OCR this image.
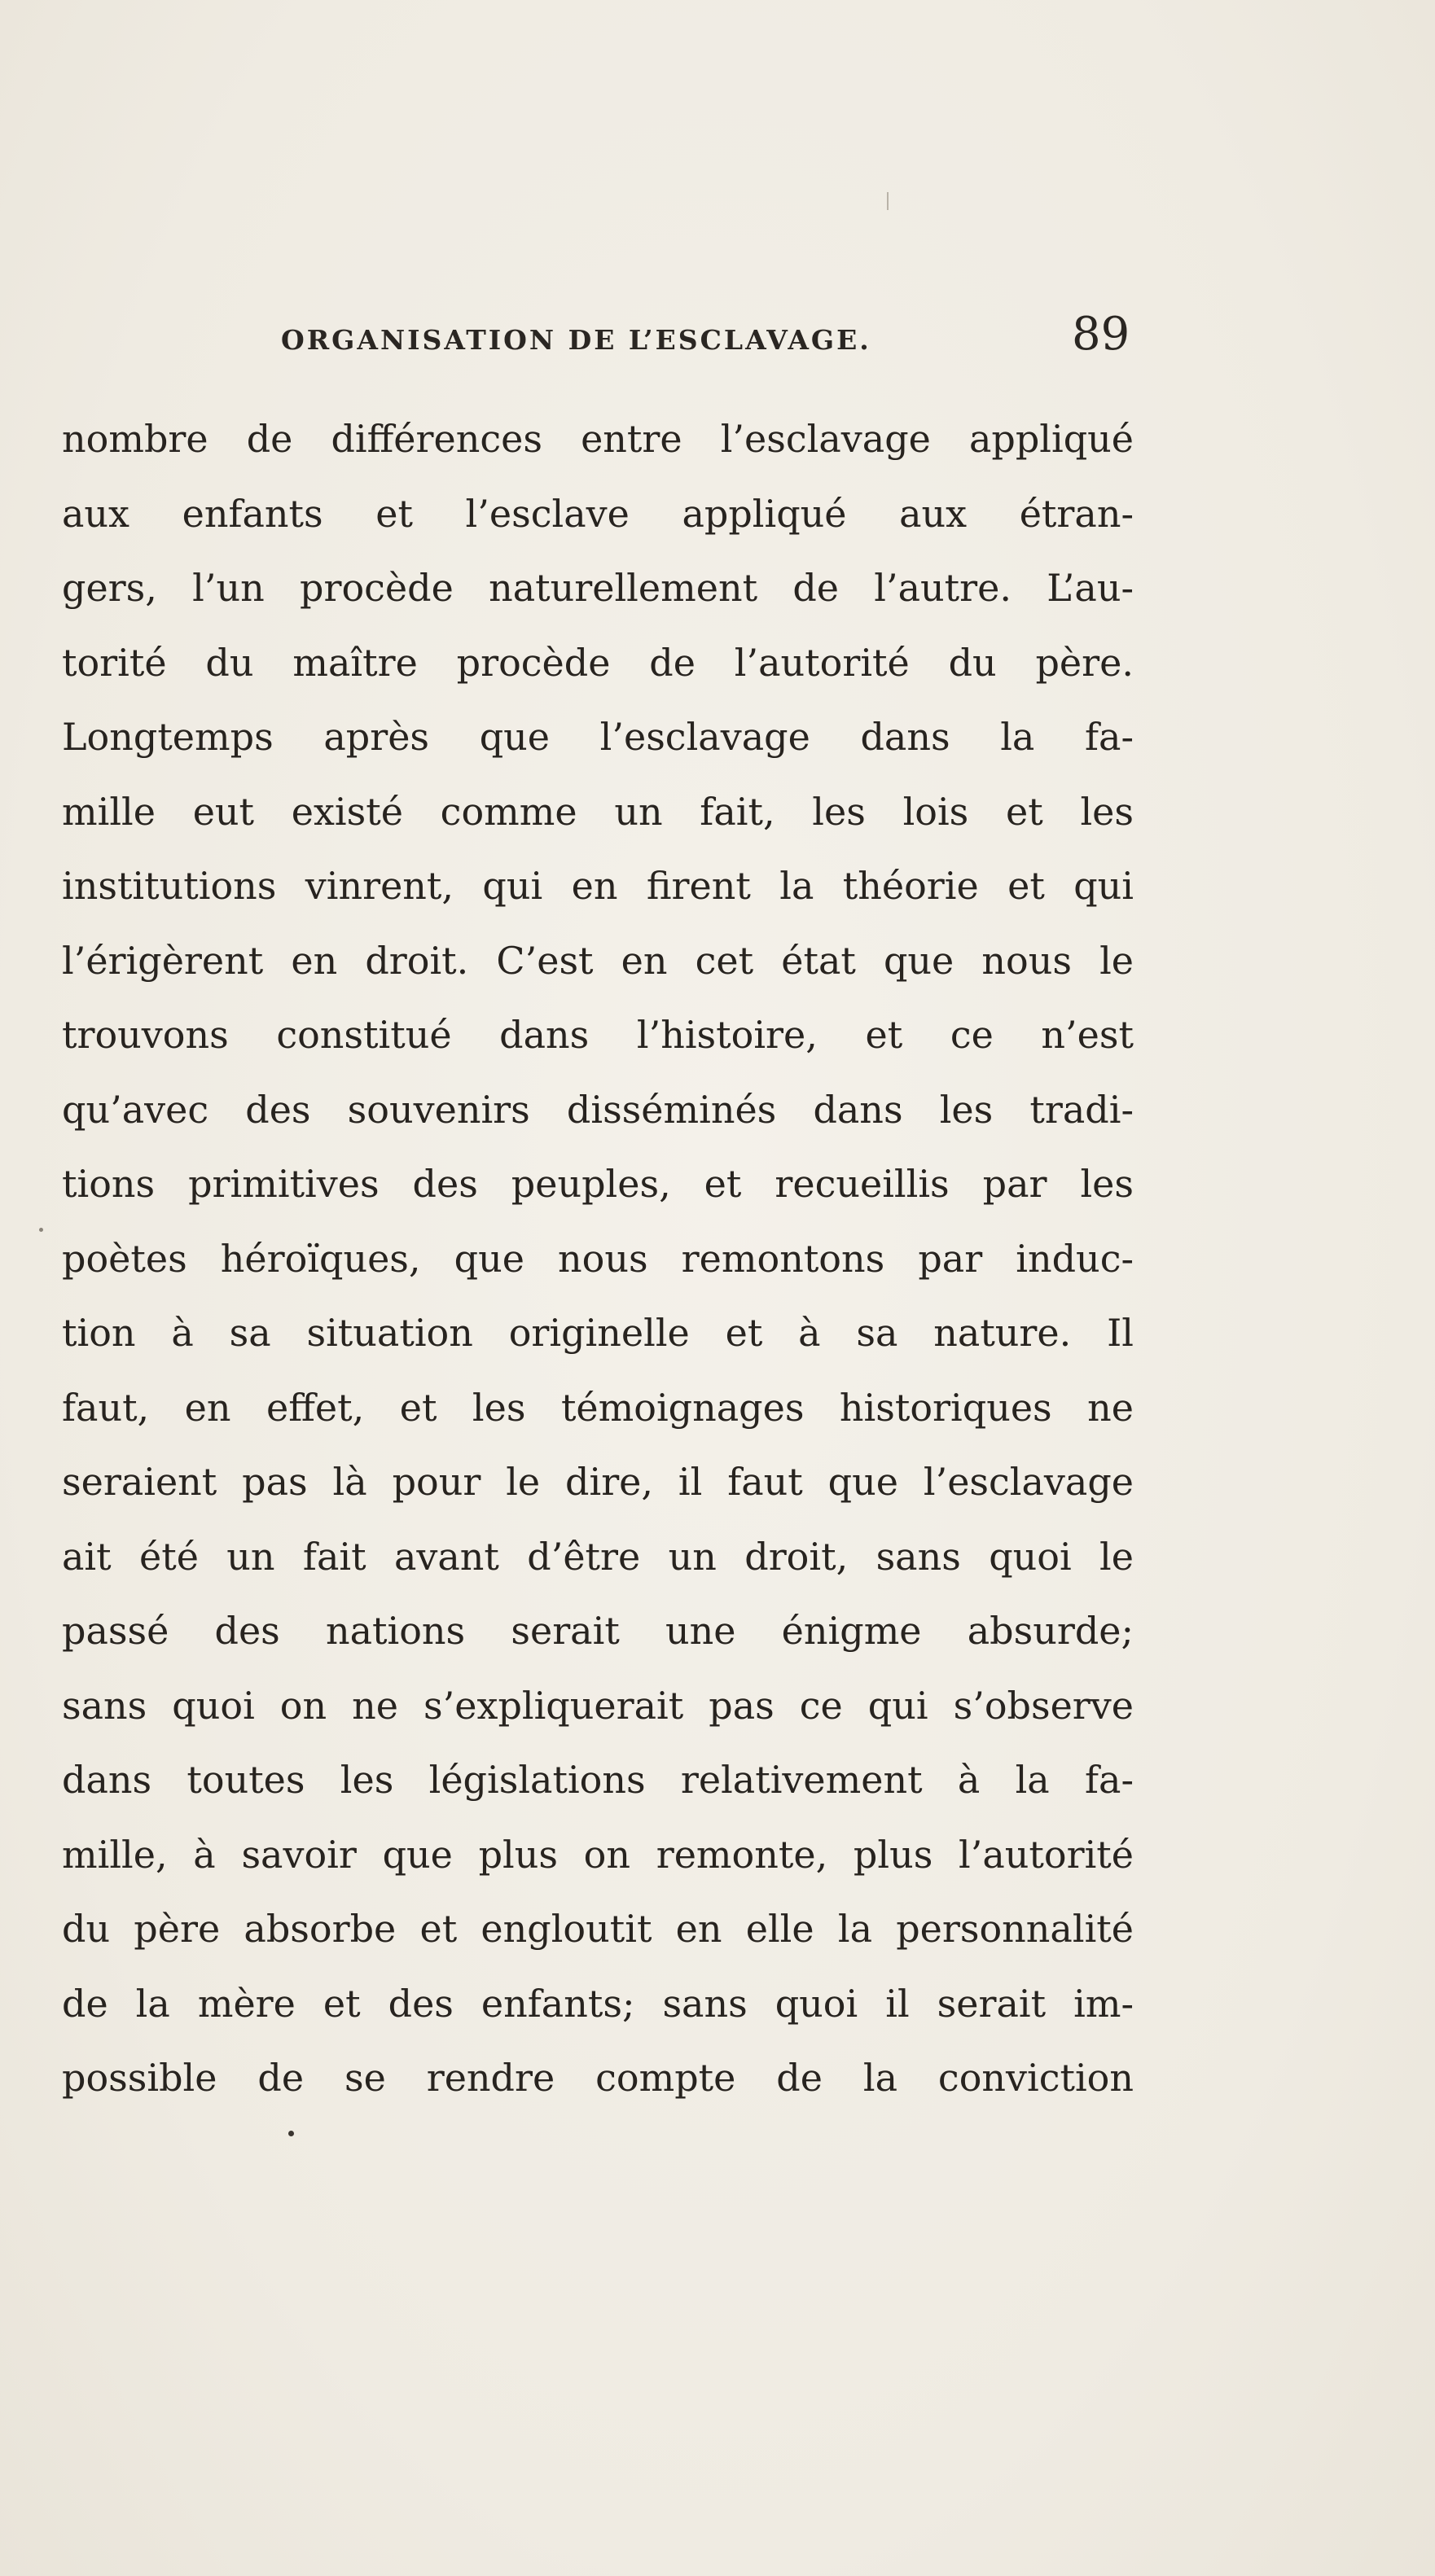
ORGANISATION DE L’ESCLAVAGE.	89
nombre de différences entre l’esclavage appliqué
aux enfants et l’esclave appliqué aux étran-
gers, l’un procède naturellement de l’autre. L’au-
torité du maître procède de l’autorité du père.
Longtemps après que l’esclavage dans la fa-
mille eut existé comme un fait, les lois et les
institutions vinrent, qui en firent la théorie et qui
l’érigèrent en droit. C’est en cet état que nous le
trouvons constitué dans l’histoire, et ce n’est
qu’avec des souvenirs disséminés dans les tradi-
tions primitives des peuples, et recueillis par les
poètes héroïques, que nous remontons par induc-
tion à sa situation originelle et à sa nature. Il
faut, en effet, et les témoignages historiques ne
seraient pas là pour le dire, il faut que l’esclavage
ait été un fait avant d’être un droit, sans quoi le
passé des nations serait une énigme absurde;
sans quoi on ne s’expliquerait pas ce qui s’observe
dans toutes les législations relativement à la fa-
mille, à savoir que plus on remonte, plus l’autorité
du père absorbe et engloutit en elle la personnalité
de la mère et des enfants; sans quoi il serait im-
possible de se rendre compte de la conviction
